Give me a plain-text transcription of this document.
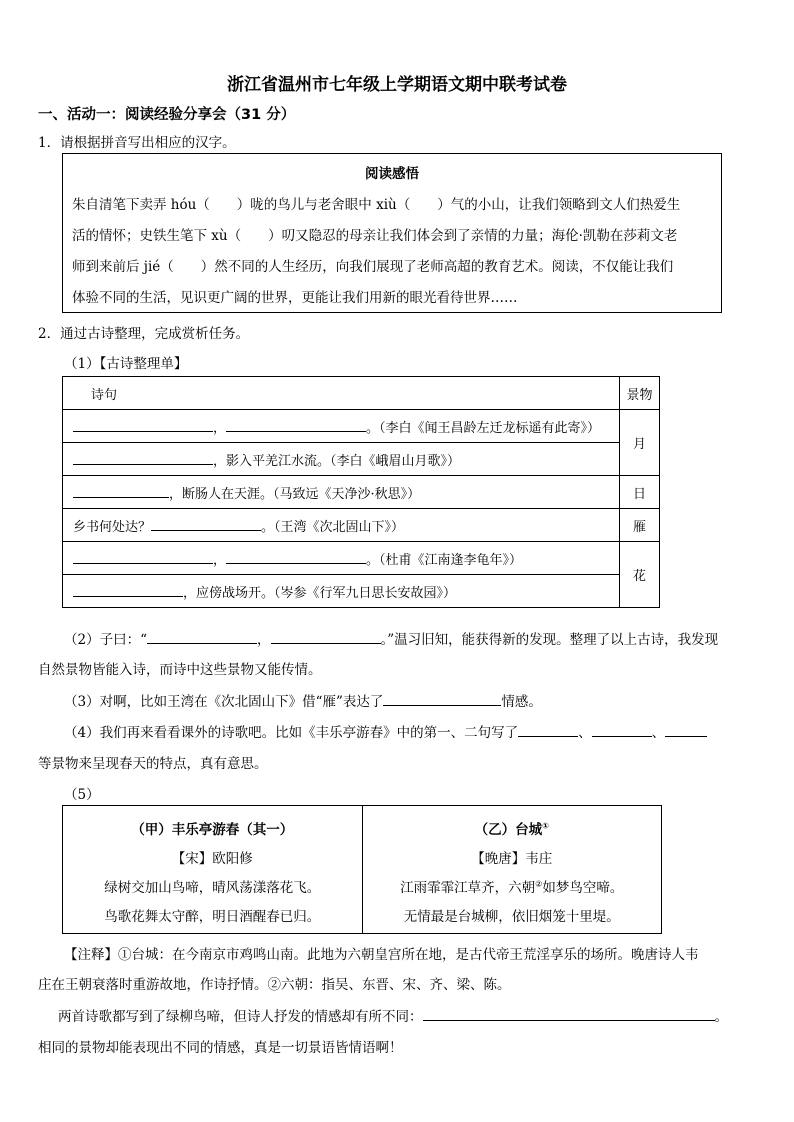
浙江省温州市七年级上学期语文期中联考试卷
一、活动一：阅读经验分享会（31 分）
1．请根据拼音写出相应的汉字。
阅读感悟
朱自清笔下卖弄 hóu（　　）咙的鸟儿与老舍眼中 xiù（　　）气的小山，让我们领略到文人们热爱生
活的情怀；史铁生笔下 xù（　　）叨又隐忍的母亲让我们体会到了亲情的力量；海伦·凯勒在莎莉文老
师到来前后 jié（　　）然不同的人生经历，向我们展现了老师高超的教育艺术。阅读，不仅能让我们
体验不同的生活，见识更广阔的世界，更能让我们用新的眼光看待世界……
2．通过古诗整理，完成赏析任务。
（1）【古诗整理单】
诗句	景物
， 。（李白《闻王昌龄左迁龙标遥有此寄》）	月
，影入平羌江水流。（李白《峨眉山月歌》）	
，断肠人在天涯。（马致远《天净沙·秋思》）	日
乡书何处达？ 。（王湾《次北固山下》）	雁
， 。（杜甫《江南逢李龟年》）	花
，应傍战场开。（岑参《行军九日思长安故园》）	
（2）子曰：“	，	。”温习旧知，能获得新的发现。整理了以上古诗，我发现
自然景物皆能入诗，而诗中这些景物又能传情。
（3）对啊，比如王湾在《次北固山下》借“雁”表达了	情感。
（4）我们再来看看课外的诗歌吧。比如《丰乐亭游春》中的第一、二句写了	、	、
等景物来呈现春天的特点，真有意思。
（5）
（甲）丰乐亭游春（其一）
【宋】欧阳修
绿树交加山鸟啼，晴风荡漾落花飞。
鸟歌花舞太守醉，明日酒醒春已归。

（乙）台城①
【晚唐】韦庄
江雨霏霏江草齐，六朝②如梦鸟空啼。
无情最是台城柳，依旧烟笼十里堤。
【注释】①台城：在今南京市鸡鸣山南。此地为六朝皇宫所在地，是古代帝王荒淫享乐的场所。晚唐诗人韦
庄在王朝衰落时重游故地，作诗抒情。②六朝：指吴、东晋、宋、齐、梁、陈。
两首诗歌都写到了绿柳鸟啼，但诗人抒发的情感却有所不同：	。
相同的景物却能表现出不同的情感，真是一切景语皆情语啊！
